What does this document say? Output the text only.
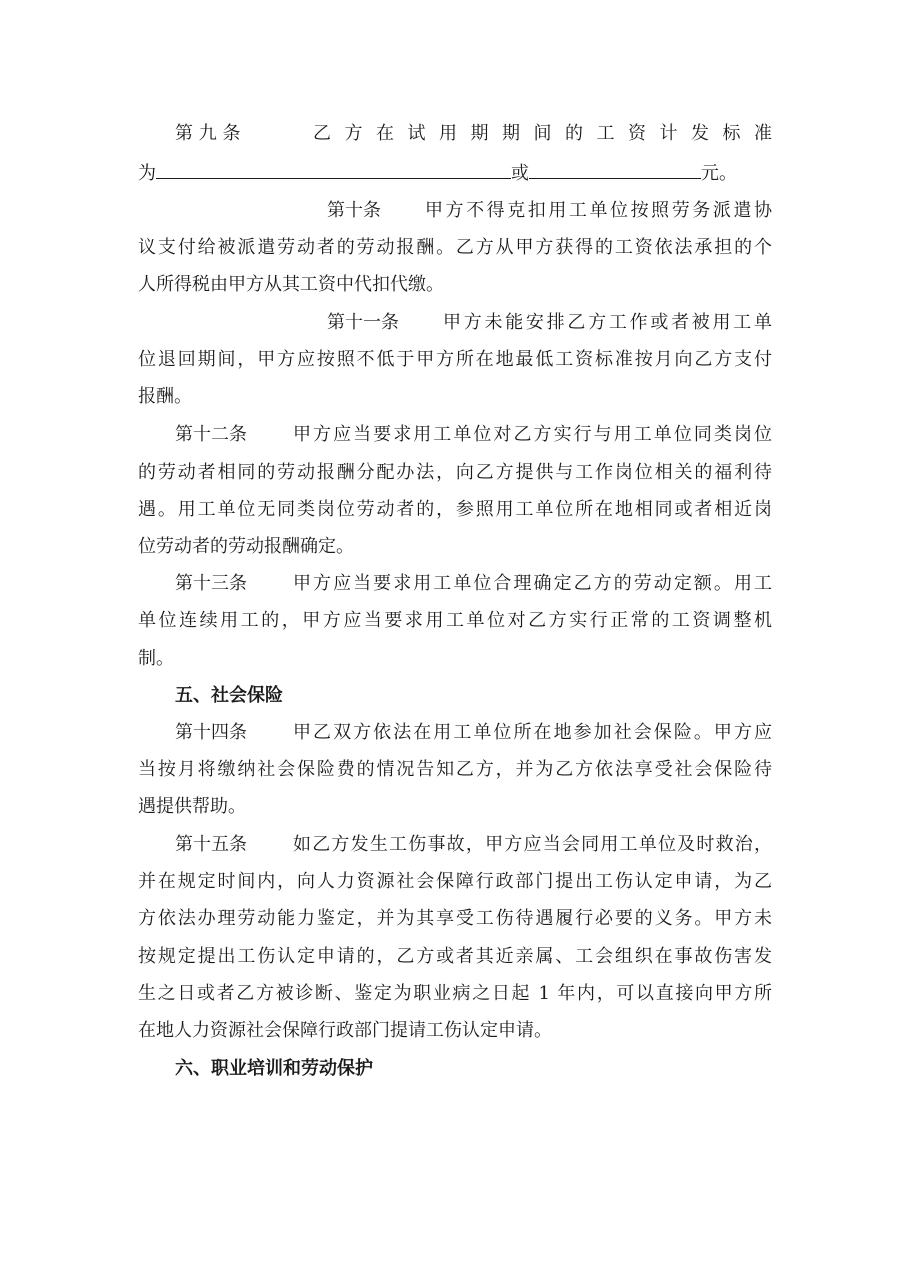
第 九 条	乙 方 在 试 用 期 期 间 的 工 资 计 发 标 准
为	或	元。
第十条 甲方不得克扣用工单位按照劳务派遣协
议支付给被派遣劳动者的劳动报酬。乙方从甲方获得的工资依法承担的个
人所得税由甲方从其工资中代扣代缴。
第十一条 甲方未能安排乙方工作或者被用工单
位退回期间，甲方应按照不低于甲方所在地最低工资标准按月向乙方支付
报酬。
第十二条	甲方应当要求用工单位对乙方实行与用工单位同类岗位
的劳动者相同的劳动报酬分配办法，向乙方提供与工作岗位相关的福利待
遇。用工单位无同类岗位劳动者的，参照用工单位所在地相同或者相近岗
位劳动者的劳动报酬确定。
第十三条	甲方应当要求用工单位合理确定乙方的劳动定额。用工
单位连续用工的，甲方应当要求用工单位对乙方实行正常的工资调整机
制。
五、社会保险
第十四条	甲乙双方依法在用工单位所在地参加社会保险。甲方应
当按月将缴纳社会保险费的情况告知乙方，并为乙方依法享受社会保险待
遇提供帮助。
第十五条	如乙方发生工伤事故，甲方应当会同用工单位及时救治，
并在规定时间内，向人力资源社会保障行政部门提出工伤认定申请，为乙
方依法办理劳动能力鉴定，并为其享受工伤待遇履行必要的义务。甲方未
按规定提出工伤认定申请的，乙方或者其近亲属、工会组织在事故伤害发
生之日或者乙方被诊断、鉴定为职业病之日起 1 年内，可以直接向甲方所
在地人力资源社会保障行政部门提请工伤认定申请。
六、职业培训和劳动保护
